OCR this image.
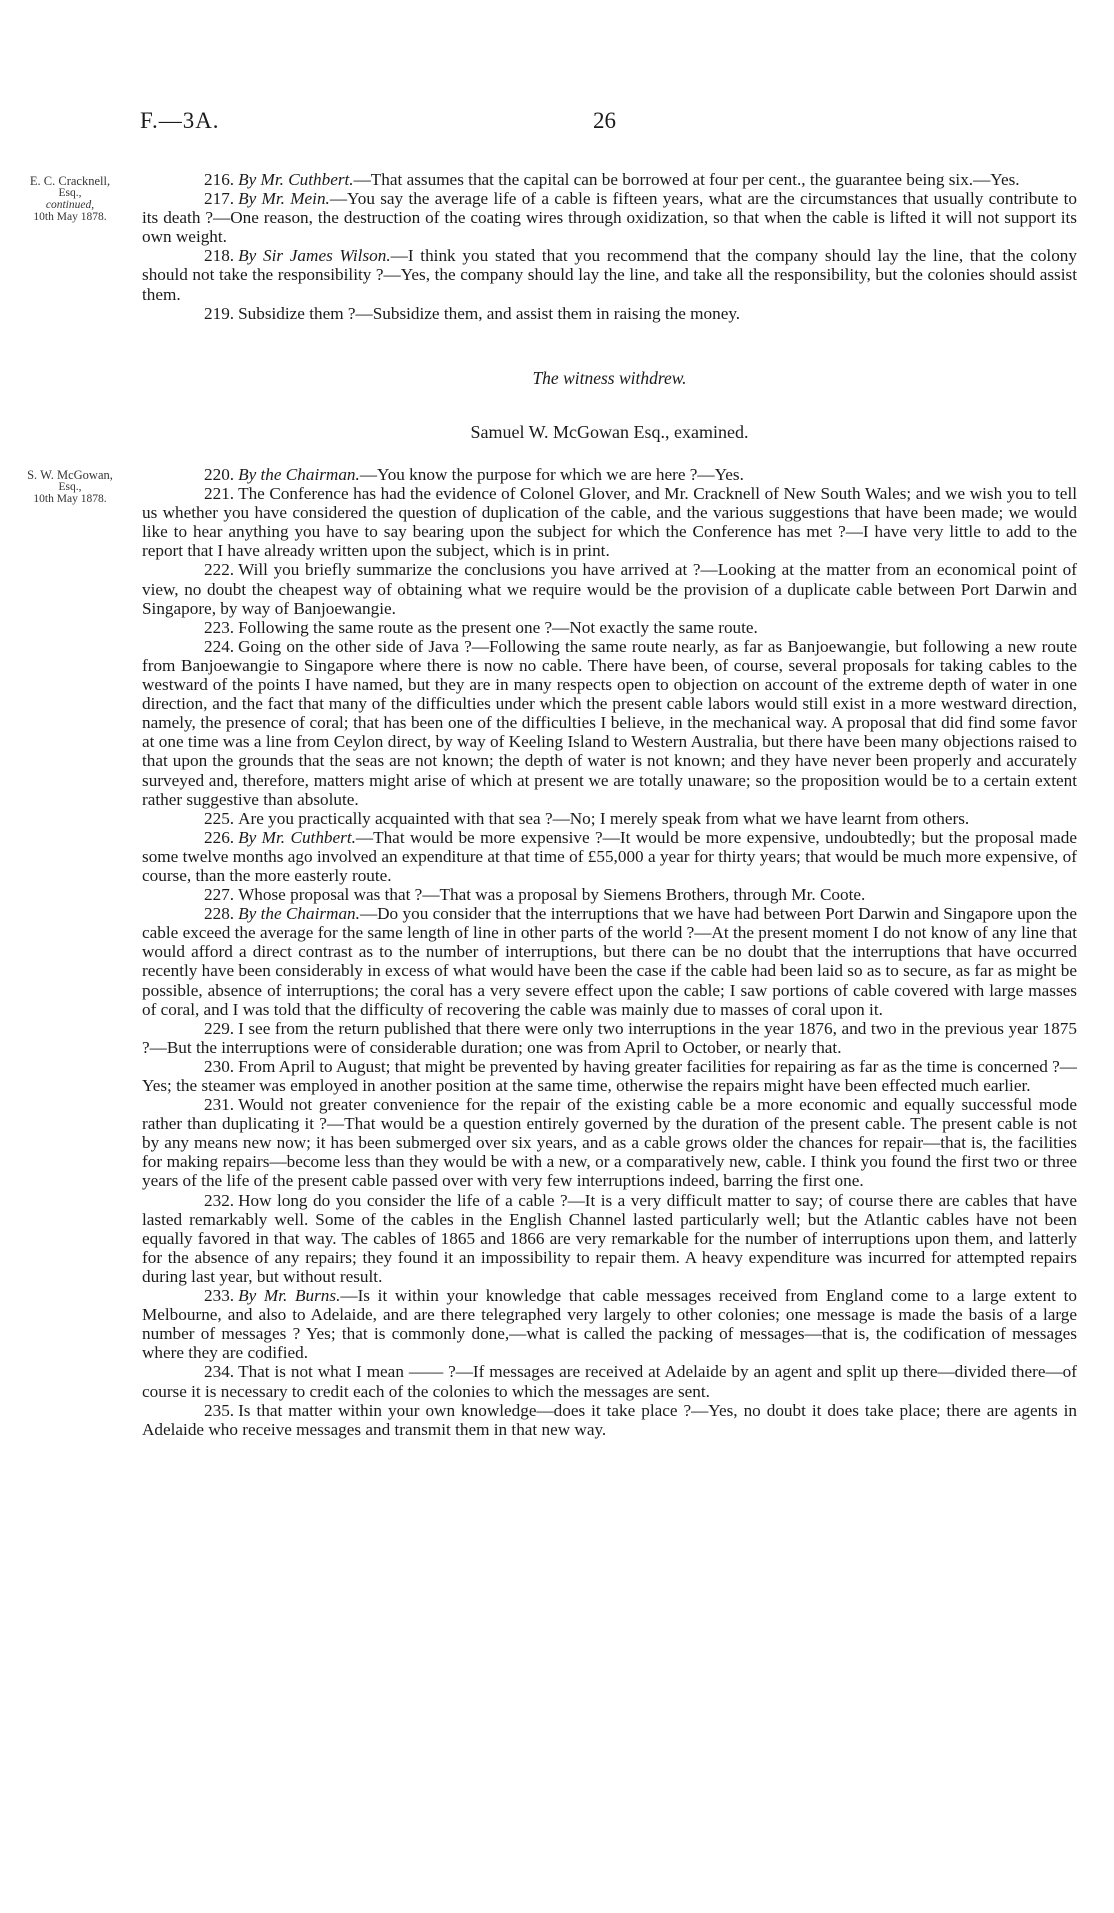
F.—3A.	26
E. C. Cracknell,
Esq.,
continued,
10th May 1878.
S. W. McGowan,
Esq.,
10th May 1878.

216. By Mr. Cuthbert.—That assumes that the capital can be borrowed at four per cent., the guarantee being six.—Yes.

217. By Mr. Mein.—You say the average life of a cable is fifteen years, what are the circumstances that usually contribute to its death ?—One reason, the destruction of the coating wires through oxidization, so that when the cable is lifted it will not support its own weight.

218. By Sir James Wilson.—I think you stated that you recommend that the company should lay the line, that the colony should not take the responsibility ?—Yes, the company should lay the line, and take all the responsibility, but the colonies should assist them.

219. Subsidize them ?—Subsidize them, and assist them in raising the money.

The witness withdrew.
Samuel W. McGowan Esq., examined.

220. By the Chairman.—You know the purpose for which we are here ?—Yes.

221. The Conference has had the evidence of Colonel Glover, and Mr. Cracknell of New South Wales; and we wish you to tell us whether you have considered the question of duplication of the cable, and the various suggestions that have been made; we would like to hear anything you have to say bearing upon the subject for which the Conference has met ?—I have very little to add to the report that I have already written upon the subject, which is in print.

222. Will you briefly summarize the conclusions you have arrived at ?—Looking at the matter from an economical point of view, no doubt the cheapest way of obtaining what we require would be the provision of a duplicate cable between Port Darwin and Singapore, by way of Banjoewangie.

223. Following the same route as the present one ?—Not exactly the same route.

224. Going on the other side of Java ?—Following the same route nearly, as far as Banjoewangie, but following a new route from Banjoewangie to Singapore where there is now no cable. There have been, of course, several proposals for taking cables to the westward of the points I have named, but they are in many respects open to objection on account of the extreme depth of water in one direction, and the fact that many of the difficulties under which the present cable labors would still exist in a more westward direction, namely, the presence of coral; that has been one of the difficulties I believe, in the mechanical way. A proposal that did find some favor at one time was a line from Ceylon direct, by way of Keeling Island to Western Australia, but there have been many objections raised to that upon the grounds that the seas are not known; the depth of water is not known; and they have never been properly and accurately surveyed and, therefore, matters might arise of which at present we are totally unaware; so the proposition would be to a certain extent rather suggestive than absolute.

225. Are you practically acquainted with that sea ?—No; I merely speak from what we have learnt from others.

226. By Mr. Cuthbert.—That would be more expensive ?—It would be more expensive, undoubtedly; but the proposal made some twelve months ago involved an expenditure at that time of £55,000 a year for thirty years; that would be much more expensive, of course, than the more easterly route.

227. Whose proposal was that ?—That was a proposal by Siemens Brothers, through Mr. Coote.

228. By the Chairman.—Do you consider that the interruptions that we have had between Port Darwin and Singapore upon the cable exceed the average for the same length of line in other parts of the world ?—At the present moment I do not know of any line that would afford a direct contrast as to the number of interruptions, but there can be no doubt that the interruptions that have occurred recently have been considerably in excess of what would have been the case if the cable had been laid so as to secure, as far as might be possible, absence of interruptions; the coral has a very severe effect upon the cable; I saw portions of cable covered with large masses of coral, and I was told that the difficulty of recovering the cable was mainly due to masses of coral upon it.

229. I see from the return published that there were only two interruptions in the year 1876, and two in the previous year 1875 ?—But the interruptions were of considerable duration; one was from April to October, or nearly that.

230. From April to August; that might be prevented by having greater facilities for repairing as far as the time is concerned ?—Yes; the steamer was employed in another position at the same time, otherwise the repairs might have been effected much earlier.

231. Would not greater convenience for the repair of the existing cable be a more economic and equally successful mode rather than duplicating it ?—That would be a question entirely governed by the duration of the present cable. The present cable is not by any means new now; it has been submerged over six years, and as a cable grows older the chances for repair—that is, the facilities for making repairs—become less than they would be with a new, or a comparatively new, cable. I think you found the first two or three years of the life of the present cable passed over with very few interruptions indeed, barring the first one.

232. How long do you consider the life of a cable ?—It is a very difficult matter to say; of course there are cables that have lasted remarkably well. Some of the cables in the English Channel lasted particularly well; but the Atlantic cables have not been equally favored in that way. The cables of 1865 and 1866 are very remarkable for the number of interruptions upon them, and latterly for the absence of any repairs; they found it an impossibility to repair them. A heavy expenditure was incurred for attempted repairs during last year, but without result.

233. By Mr. Burns.—Is it within your knowledge that cable messages received from England come to a large extent to Melbourne, and also to Adelaide, and are there telegraphed very largely to other colonies; one message is made the basis of a large number of messages ? Yes; that is commonly done,—what is called the packing of messages—that is, the codification of messages where they are codified.

234. That is not what I mean —— ?—If messages are received at Adelaide by an agent and split up there—divided there—of course it is necessary to credit each of the colonies to which the messages are sent.

235. Is that matter within your own knowledge—does it take place ?—Yes, no doubt it does take place; there are agents in Adelaide who receive messages and transmit them in that new way.
